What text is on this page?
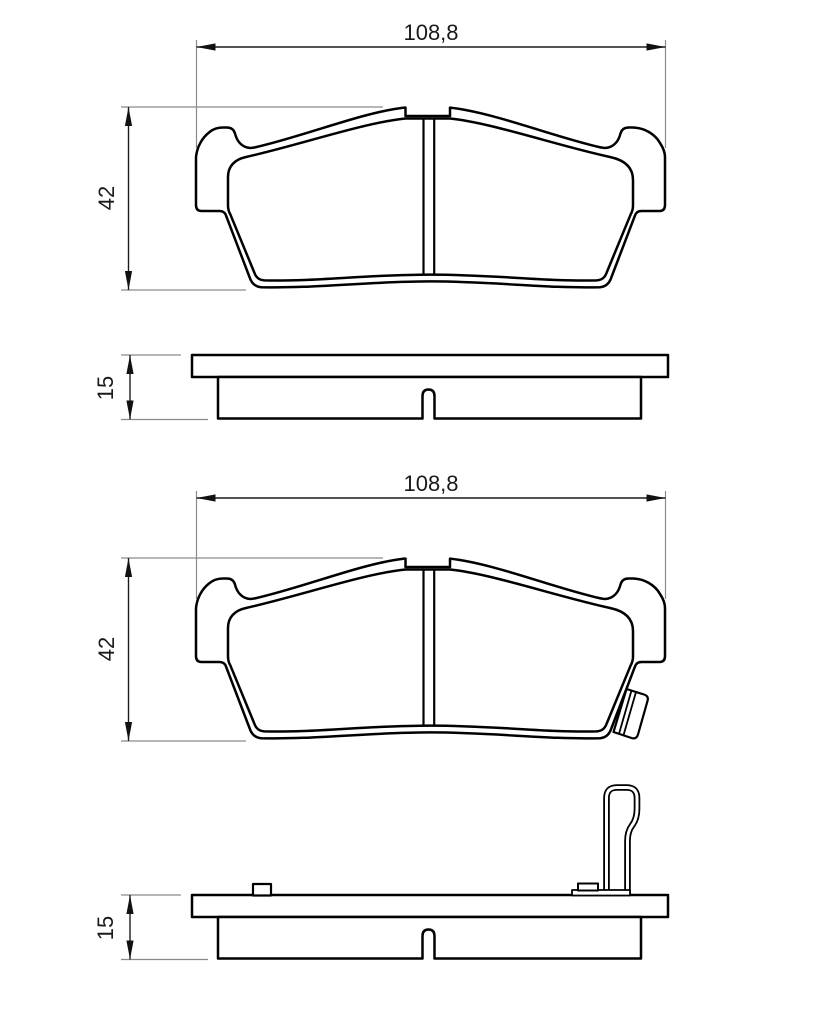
108,8
42
15
108,8
42
15
